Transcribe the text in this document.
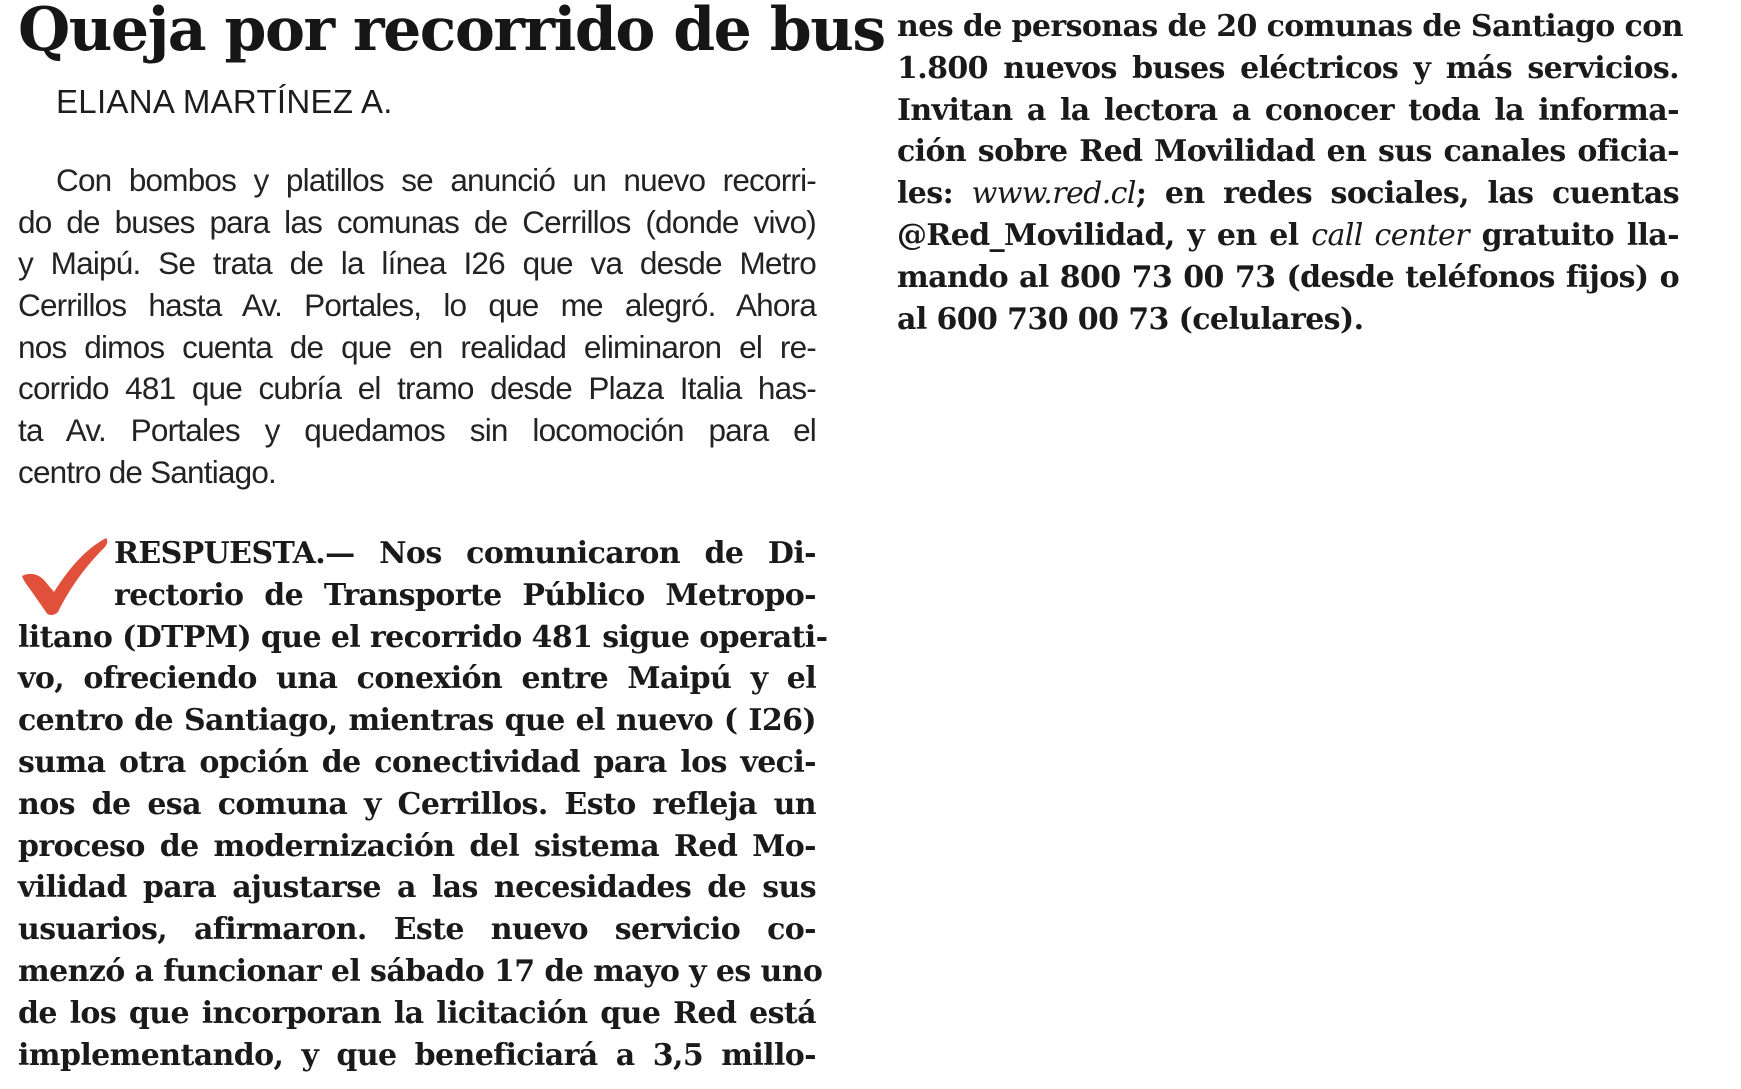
Queja por recorrido de bus
ELIANA MARTÍNEZ A.
Con bombos y platillos se anunció un nuevo recorri-
do de buses para las comunas de Cerrillos (donde vivo)
y Maipú. Se trata de la línea I26 que va desde Metro
Cerrillos hasta Av. Portales, lo que me alegró. Ahora
nos dimos cuenta de que en realidad eliminaron el re-
corrido 481 que cubría el tramo desde Plaza Italia has-
ta Av. Portales y quedamos sin locomoción para el
centro de Santiago.
RESPUESTA.— Nos comunicaron de Di-
rectorio de Transporte Público Metropo-
litano (DTPM) que el recorrido 481 sigue operati-
vo, ofreciendo una conexión entre Maipú y el
centro de Santiago, mientras que el nuevo ( I26)
suma otra opción de conectividad para los veci-
nos de esa comuna y Cerrillos. Esto refleja un
proceso de modernización del sistema Red Mo-
vilidad para ajustarse a las necesidades de sus
usuarios, afirmaron. Este nuevo servicio co-
menzó a funcionar el sábado 17 de mayo y es uno
de los que incorporan la licitación que Red está
implementando, y que beneficiará a 3,5 millo-
nes de personas de 20 comunas de Santiago con
1.800 nuevos buses eléctricos y más servicios.
Invitan a la lectora a conocer toda la informa-
ción sobre Red Movilidad en sus canales oficia-
les: www.red.cl; en redes sociales, las cuentas
@Red_Movilidad, y en el call center gratuito lla-
mando al 800 73 00 73 (desde teléfonos fijos) o
al 600 730 00 73 (celulares).
